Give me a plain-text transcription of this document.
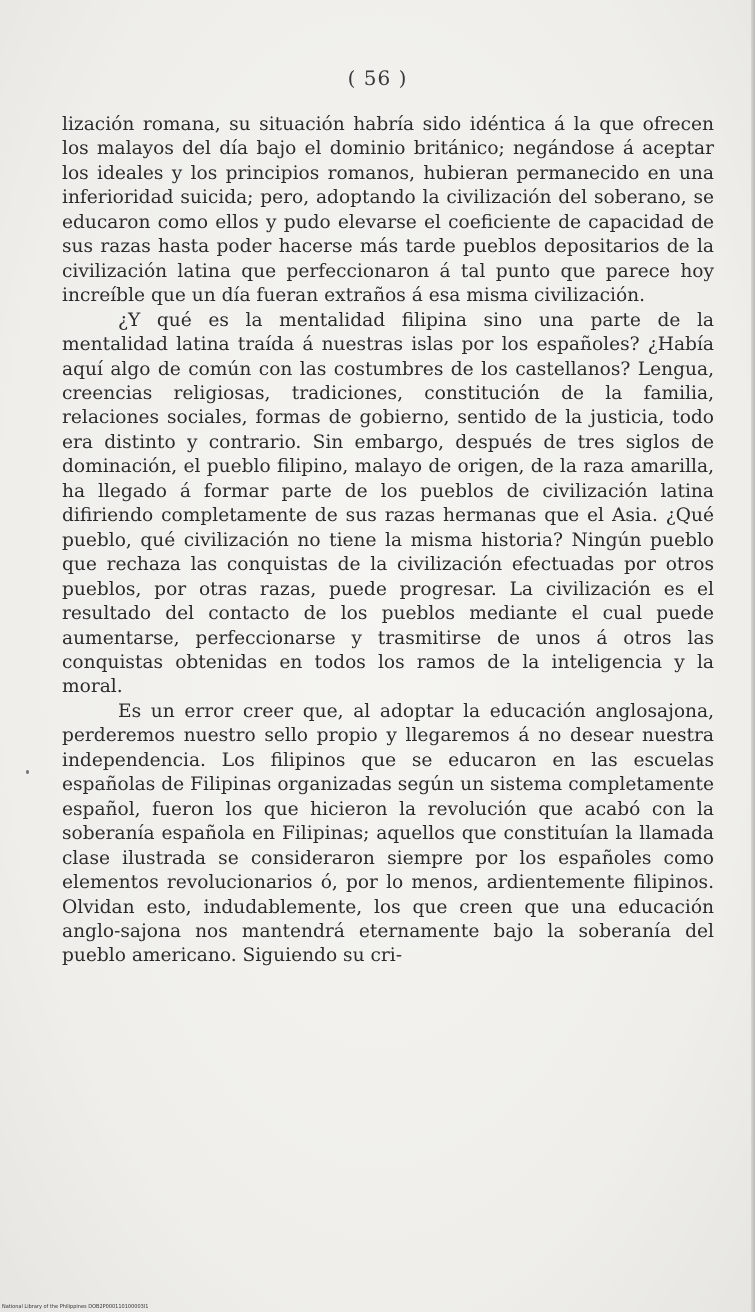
( 56 )

lización romana, su situación habría sido idéntica á la que ofrecen los malayos del día bajo el dominio británico; negándose á aceptar los ideales y los principios romanos, hubieran permanecido en una inferioridad suicida; pero, adoptando la civilización del soberano, se educaron como ellos y pudo elevarse el coeficiente de capacidad de sus razas hasta poder hacerse más tarde pueblos depositarios de la civilización latina que perfeccionaron á tal punto que parece hoy increíble que un día fueran extraños á esa misma civilización.

¿Y qué es la mentalidad filipina sino una parte de la mentalidad latina traída á nuestras islas por los españoles? ¿Había aquí algo de común con las costumbres de los castellanos? Lengua, creencias religiosas, tradiciones, constitución de la familia, relaciones sociales, formas de gobierno, sentido de la justicia, todo era distinto y contrario. Sin embargo, después de tres siglos de dominación, el pueblo filipino, malayo de origen, de la raza amarilla, ha llegado á formar parte de los pueblos de civilización latina difiriendo completamente de sus razas hermanas que el Asia. ¿Qué pueblo, qué civilización no tiene la misma historia? Ningún pueblo que rechaza las conquistas de la civilización efectuadas por otros pueblos, por otras razas, puede progresar. La civilización es el resultado del contacto de los pueblos mediante el cual puede aumentarse, perfeccionarse y trasmitirse de unos á otros las conquistas obtenidas en todos los ramos de la inteligencia y la moral.

Es un error creer que, al adoptar la educación anglosajona, perderemos nuestro sello propio y llegaremos á no desear nuestra independencia. Los filipinos que se educaron en las escuelas españolas de Filipinas organizadas según un sistema completamente español, fueron los que hicieron la revolución que acabó con la soberanía española en Filipinas; aquellos que constituían la llamada clase ilustrada se consideraron siempre por los españoles como elementos revolucionarios ó, por lo menos, ardientemente filipinos. Olvidan esto, indudablemente, los que creen que una educación anglo-sajona nos mantendrá eternamente bajo la soberanía del pueblo americano. Siguiendo su cri-

National Library of the Philippines DOB2P000110100003I1
